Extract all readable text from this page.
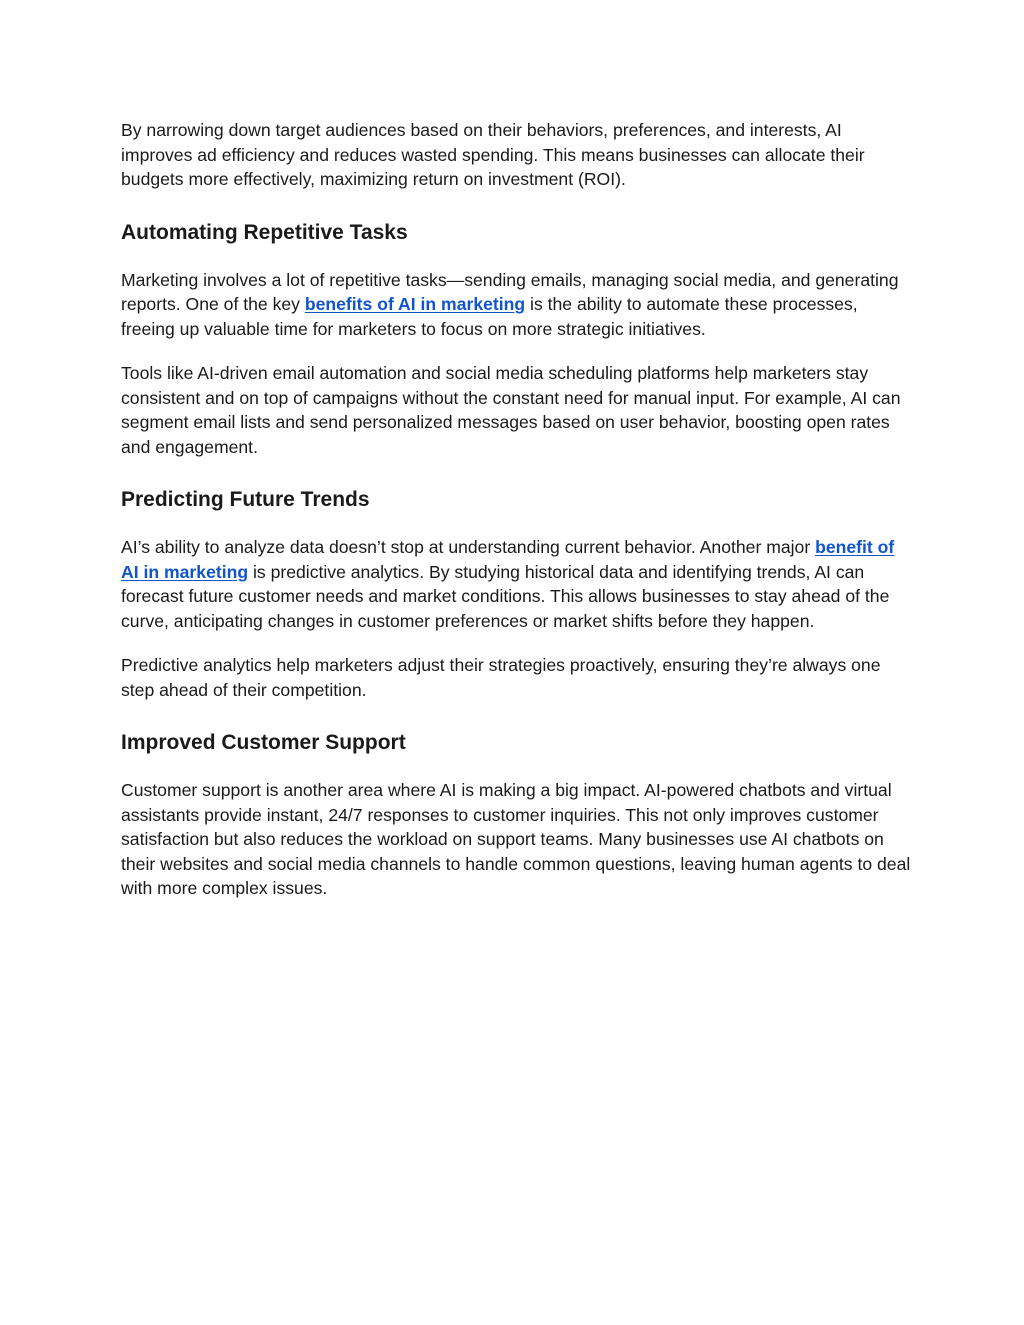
By narrowing down target audiences based on their behaviors, preferences, and interests, AI improves ad efficiency and reduces wasted spending. This means businesses can allocate their budgets more effectively, maximizing return on investment (ROI).

Automating Repetitive Tasks

Marketing involves a lot of repetitive tasks—sending emails, managing social media, and generating reports. One of the key benefits of AI in marketing is the ability to automate these processes, freeing up valuable time for marketers to focus on more strategic initiatives.

Tools like AI-driven email automation and social media scheduling platforms help marketers stay consistent and on top of campaigns without the constant need for manual input. For example, AI can segment email lists and send personalized messages based on user behavior, boosting open rates and engagement.

Predicting Future Trends

AI’s ability to analyze data doesn’t stop at understanding current behavior. Another major benefit of AI in marketing is predictive analytics. By studying historical data and identifying trends, AI can forecast future customer needs and market conditions. This allows businesses to stay ahead of the curve, anticipating changes in customer preferences or market shifts before they happen.

Predictive analytics help marketers adjust their strategies proactively, ensuring they’re always one step ahead of their competition.

Improved Customer Support

Customer support is another area where AI is making a big impact. AI-powered chatbots and virtual assistants provide instant, 24/7 responses to customer inquiries. This not only improves customer satisfaction but also reduces the workload on support teams. Many businesses use AI chatbots on their websites and social media channels to handle common questions, leaving human agents to deal with more complex issues.
